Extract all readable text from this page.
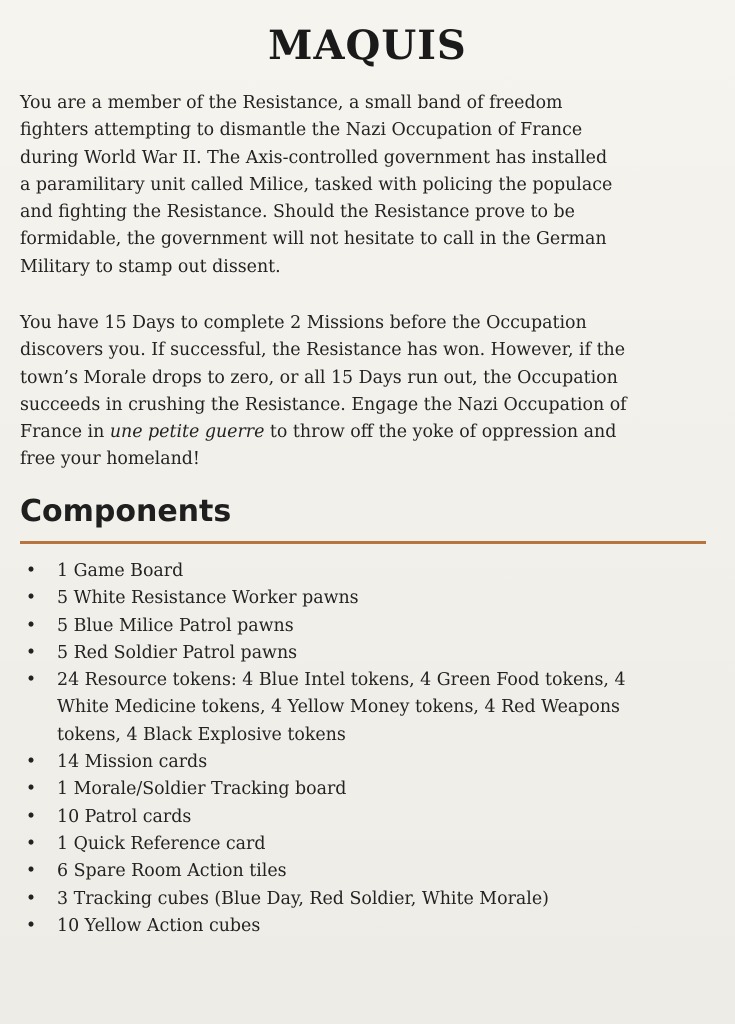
MAQUIS

You are a member of the Resistance, a small band of freedom
fighters attempting to dismantle the Nazi Occupation of France
during World War II. The Axis-controlled government has installed
a paramilitary unit called Milice, tasked with policing the populace
and fighting the Resistance. Should the Resistance prove to be
formidable, the government will not hesitate to call in the German
Military to stamp out dissent.

You have 15 Days to complete 2 Missions before the Occupation
discovers you. If successful, the Resistance has won. However, if the
town’s Morale drops to zero, or all 15 Days run out, the Occupation
succeeds in crushing the Resistance. Engage the Nazi Occupation of
France in une petite guerre to throw off the yoke of oppression and
free your homeland!

Components
• 1 Game Board
• 5 White Resistance Worker pawns
• 5 Blue Milice Patrol pawns
• 5 Red Soldier Patrol pawns
• 24 Resource tokens: 4 Blue Intel tokens, 4 Green Food tokens, 4
White Medicine tokens, 4 Yellow Money tokens, 4 Red Weapons
tokens, 4 Black Explosive tokens
• 14 Mission cards
• 1 Morale/Soldier Tracking board
• 10 Patrol cards
• 1 Quick Reference card
• 6 Spare Room Action tiles
• 3 Tracking cubes (Blue Day, Red Soldier, White Morale)
• 10 Yellow Action cubes
